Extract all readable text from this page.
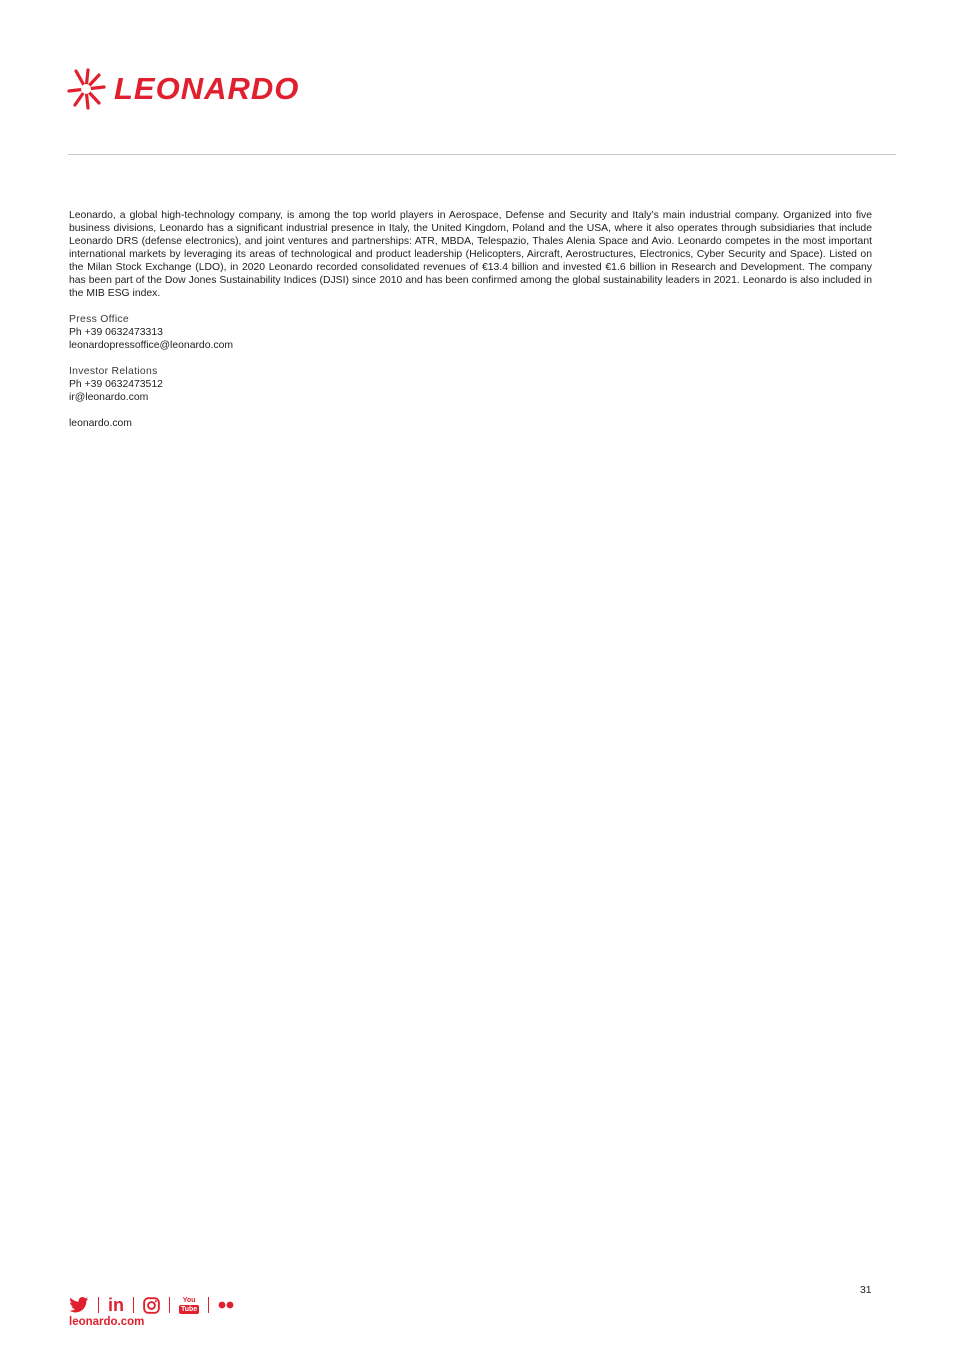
LEONARDO

Leonardo, a global high-technology company, is among the top world players in Aerospace, Defense and Security and Italy’s main industrial company. Organized into five business divisions, Leonardo has a significant industrial presence in Italy, the United Kingdom, Poland and the USA, where it also operates through subsidiaries that include Leonardo DRS (defense electronics), and joint ventures and partnerships: ATR, MBDA, Telespazio, Thales Alenia Space and Avio. Leonardo competes in the most important international markets by leveraging its areas of technological and product leadership (Helicopters, Aircraft, Aerostructures, Electronics, Cyber Security and Space). Listed on the Milan Stock Exchange (LDO), in 2020 Leonardo recorded consolidated revenues of €13.4 billion and invested €1.6 billion in Research and Development. The company has been part of the Dow Jones Sustainability Indices (DJSI) since 2010 and has been confirmed among the global sustainability leaders in 2021. Leonardo is also included in the MIB ESG index.

Press Office
Ph +39 0632473313
leonardopressoffice@leonardo.com
Investor Relations
Ph +39 0632473512
ir@leonardo.com
leonardo.com
31
in	You
Tube
leonardo.com
